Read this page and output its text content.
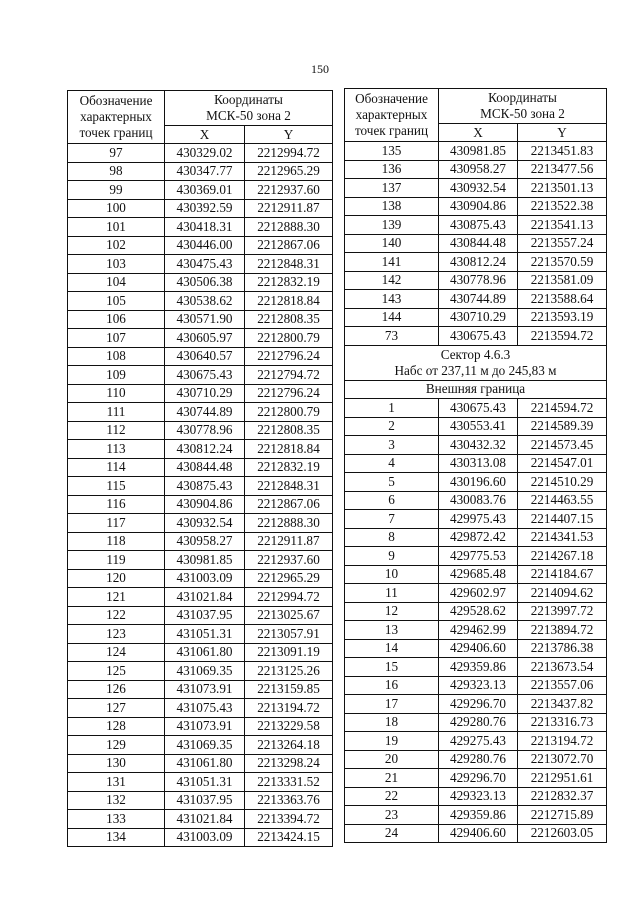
150
Обозначение
характерных
точек границ	Координаты
МСК-50 зона 2	
	X	Y
97	430329.02	2212994.72
98	430347.77	2212965.29
99	430369.01	2212937.60
100	430392.59	2212911.87
101	430418.31	2212888.30
102	430446.00	2212867.06
103	430475.43	2212848.31
104	430506.38	2212832.19
105	430538.62	2212818.84
106	430571.90	2212808.35
107	430605.97	2212800.79
108	430640.57	2212796.24
109	430675.43	2212794.72
110	430710.29	2212796.24
111	430744.89	2212800.79
112	430778.96	2212808.35
113	430812.24	2212818.84
114	430844.48	2212832.19
115	430875.43	2212848.31
116	430904.86	2212867.06
117	430932.54	2212888.30
118	430958.27	2212911.87
119	430981.85	2212937.60
120	431003.09	2212965.29
121	431021.84	2212994.72
122	431037.95	2213025.67
123	431051.31	2213057.91
124	431061.80	2213091.19
125	431069.35	2213125.26
126	431073.91	2213159.85
127	431075.43	2213194.72
128	431073.91	2213229.58
129	431069.35	2213264.18
130	431061.80	2213298.24
131	431051.31	2213331.52
132	431037.95	2213363.76
133	431021.84	2213394.72
134	431003.09	2213424.15
Обозначение
характерных
точек границ	Координаты
МСК-50 зона 2	
	X	Y
135	430981.85	2213451.83
136	430958.27	2213477.56
137	430932.54	2213501.13
138	430904.86	2213522.38
139	430875.43	2213541.13
140	430844.48	2213557.24
141	430812.24	2213570.59
142	430778.96	2213581.09
143	430744.89	2213588.64
144	430710.29	2213593.19
73	430675.43	2213594.72
Сектор 4.6.3
Набс от 237,11 м до 245,83 м		
Внешняя граница		
1	430675.43	2214594.72
2	430553.41	2214589.39
3	430432.32	2214573.45
4	430313.08	2214547.01
5	430196.60	2214510.29
6	430083.76	2214463.55
7	429975.43	2214407.15
8	429872.42	2214341.53
9	429775.53	2214267.18
10	429685.48	2214184.67
11	429602.97	2214094.62
12	429528.62	2213997.72
13	429462.99	2213894.72
14	429406.60	2213786.38
15	429359.86	2213673.54
16	429323.13	2213557.06
17	429296.70	2213437.82
18	429280.76	2213316.73
19	429275.43	2213194.72
20	429280.76	2213072.70
21	429296.70	2212951.61
22	429323.13	2212832.37
23	429359.86	2212715.89
24	429406.60	2212603.05
